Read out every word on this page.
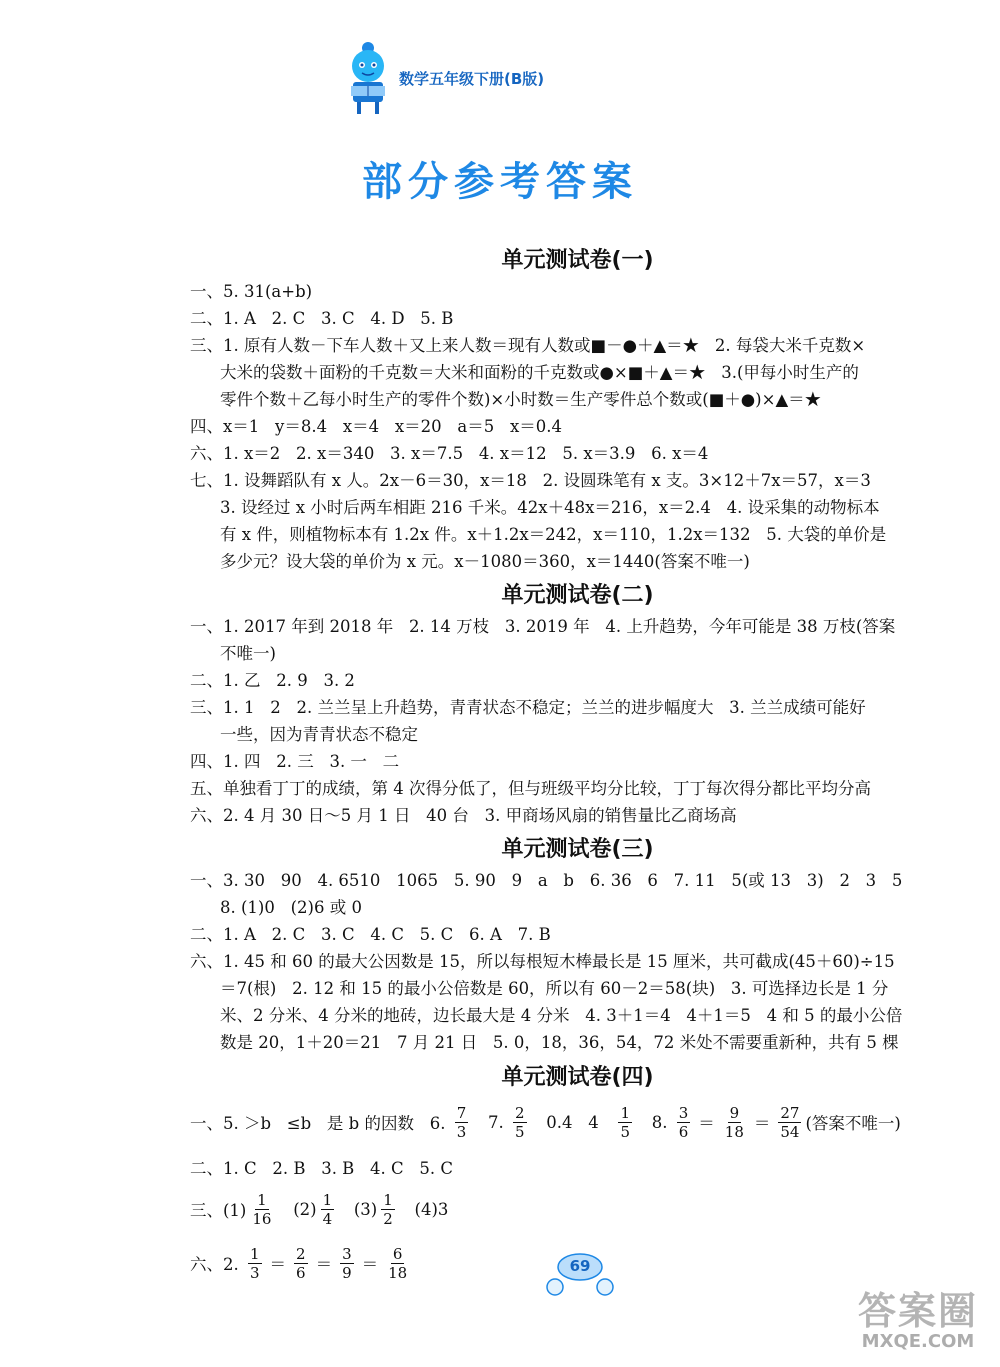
数学五年级下册(B版)
部分参考答案
单元测试卷(一)
一、5. 31(a+b)
二、1. A   2. C   3. C   4. D   5. B
三、1. 原有人数－下车人数＋又上来人数＝现有人数或■－●＋▲＝★   2. 每袋大米千克数×
大米的袋数＋面粉的千克数＝大米和面粉的千克数或●×■＋▲＝★   3.(甲每小时生产的
零件个数＋乙每小时生产的零件个数)×小时数＝生产零件总个数或(■＋●)×▲＝★
四、x＝1   y＝8.4   x＝4   x＝20   a＝5   x＝0.4
六、1. x＝2   2. x＝340   3. x＝7.5   4. x＝12   5. x＝3.9   6. x＝4
七、1. 设舞蹈队有 x 人。2x－6＝30，x＝18   2. 设圆珠笔有 x 支。3×12＋7x＝57，x＝3
3. 设经过 x 小时后两车相距 216 千米。42x＋48x＝216，x＝2.4   4. 设采集的动物标本
有 x 件，则植物标本有 1.2x 件。x＋1.2x＝242，x＝110，1.2x＝132   5. 大袋的单价是
多少元？设大袋的单价为 x 元。x－1080＝360，x＝1440(答案不唯一)
单元测试卷(二)
一、1. 2017 年到 2018 年   2. 14 万枝   3. 2019 年   4. 上升趋势，今年可能是 38 万枝(答案
不唯一)
二、1. 乙   2. 9   3. 2
三、1. 1   2   2. 兰兰呈上升趋势，青青状态不稳定；兰兰的进步幅度大   3. 兰兰成绩可能好
一些，因为青青状态不稳定
四、1. 四   2. 三   3. 一   二
五、单独看丁丁的成绩，第 4 次得分低了，但与班级平均分比较，丁丁每次得分都比平均分高
六、2. 4 月 30 日～5 月 1 日   40 台   3. 甲商场风扇的销售量比乙商场高
单元测试卷(三)
一、3. 30   90   4. 6510   1065   5. 90   9   a   b   6. 36   6   7. 11   5(或 13   3)   2   3   5
8. (1)0   (2)6 或 0
二、1. A   2. C   3. C   4. C   5. C   6. A   7. B
六、1. 45 和 60 的最大公因数是 15，所以每根短木棒最长是 15 厘米，共可截成(45＋60)÷15
＝7(根)   2. 12 和 15 的最小公倍数是 60，所以有 60－2＝58(块)   3. 可选择边长是 1 分
米、2 分米、4 分米的地砖，边长最大是 4 分米   4. 3＋1＝4   4＋1＝5   4 和 5 的最小公倍
数是 20，1＋20＝21   7 月 21 日   5. 0，18，36，54，72 米处不需要重新种，共有 5 棵
单元测试卷(四)
一、5. ＞b   ≤b   是 b 的因数   6. $\frac{7}{3} 7$. $\frac{2}{5} 0.4$   $4 \frac{1}{5} 8$. $\frac{3}{6} = \frac{9}{18} = \frac{27}{54}$ (答案不唯一)
二、1. C   2. B   3. B   4. C   5. C
三、$(1) \frac{1}{16} (2) \frac{1}{4} (3) \frac{1}{2} (4)3$
六、2. $\frac{1}{3} = \frac{2}{6} = \frac{3}{9} = \frac{6}{18}$	69
答案圈
MXQE.COM
